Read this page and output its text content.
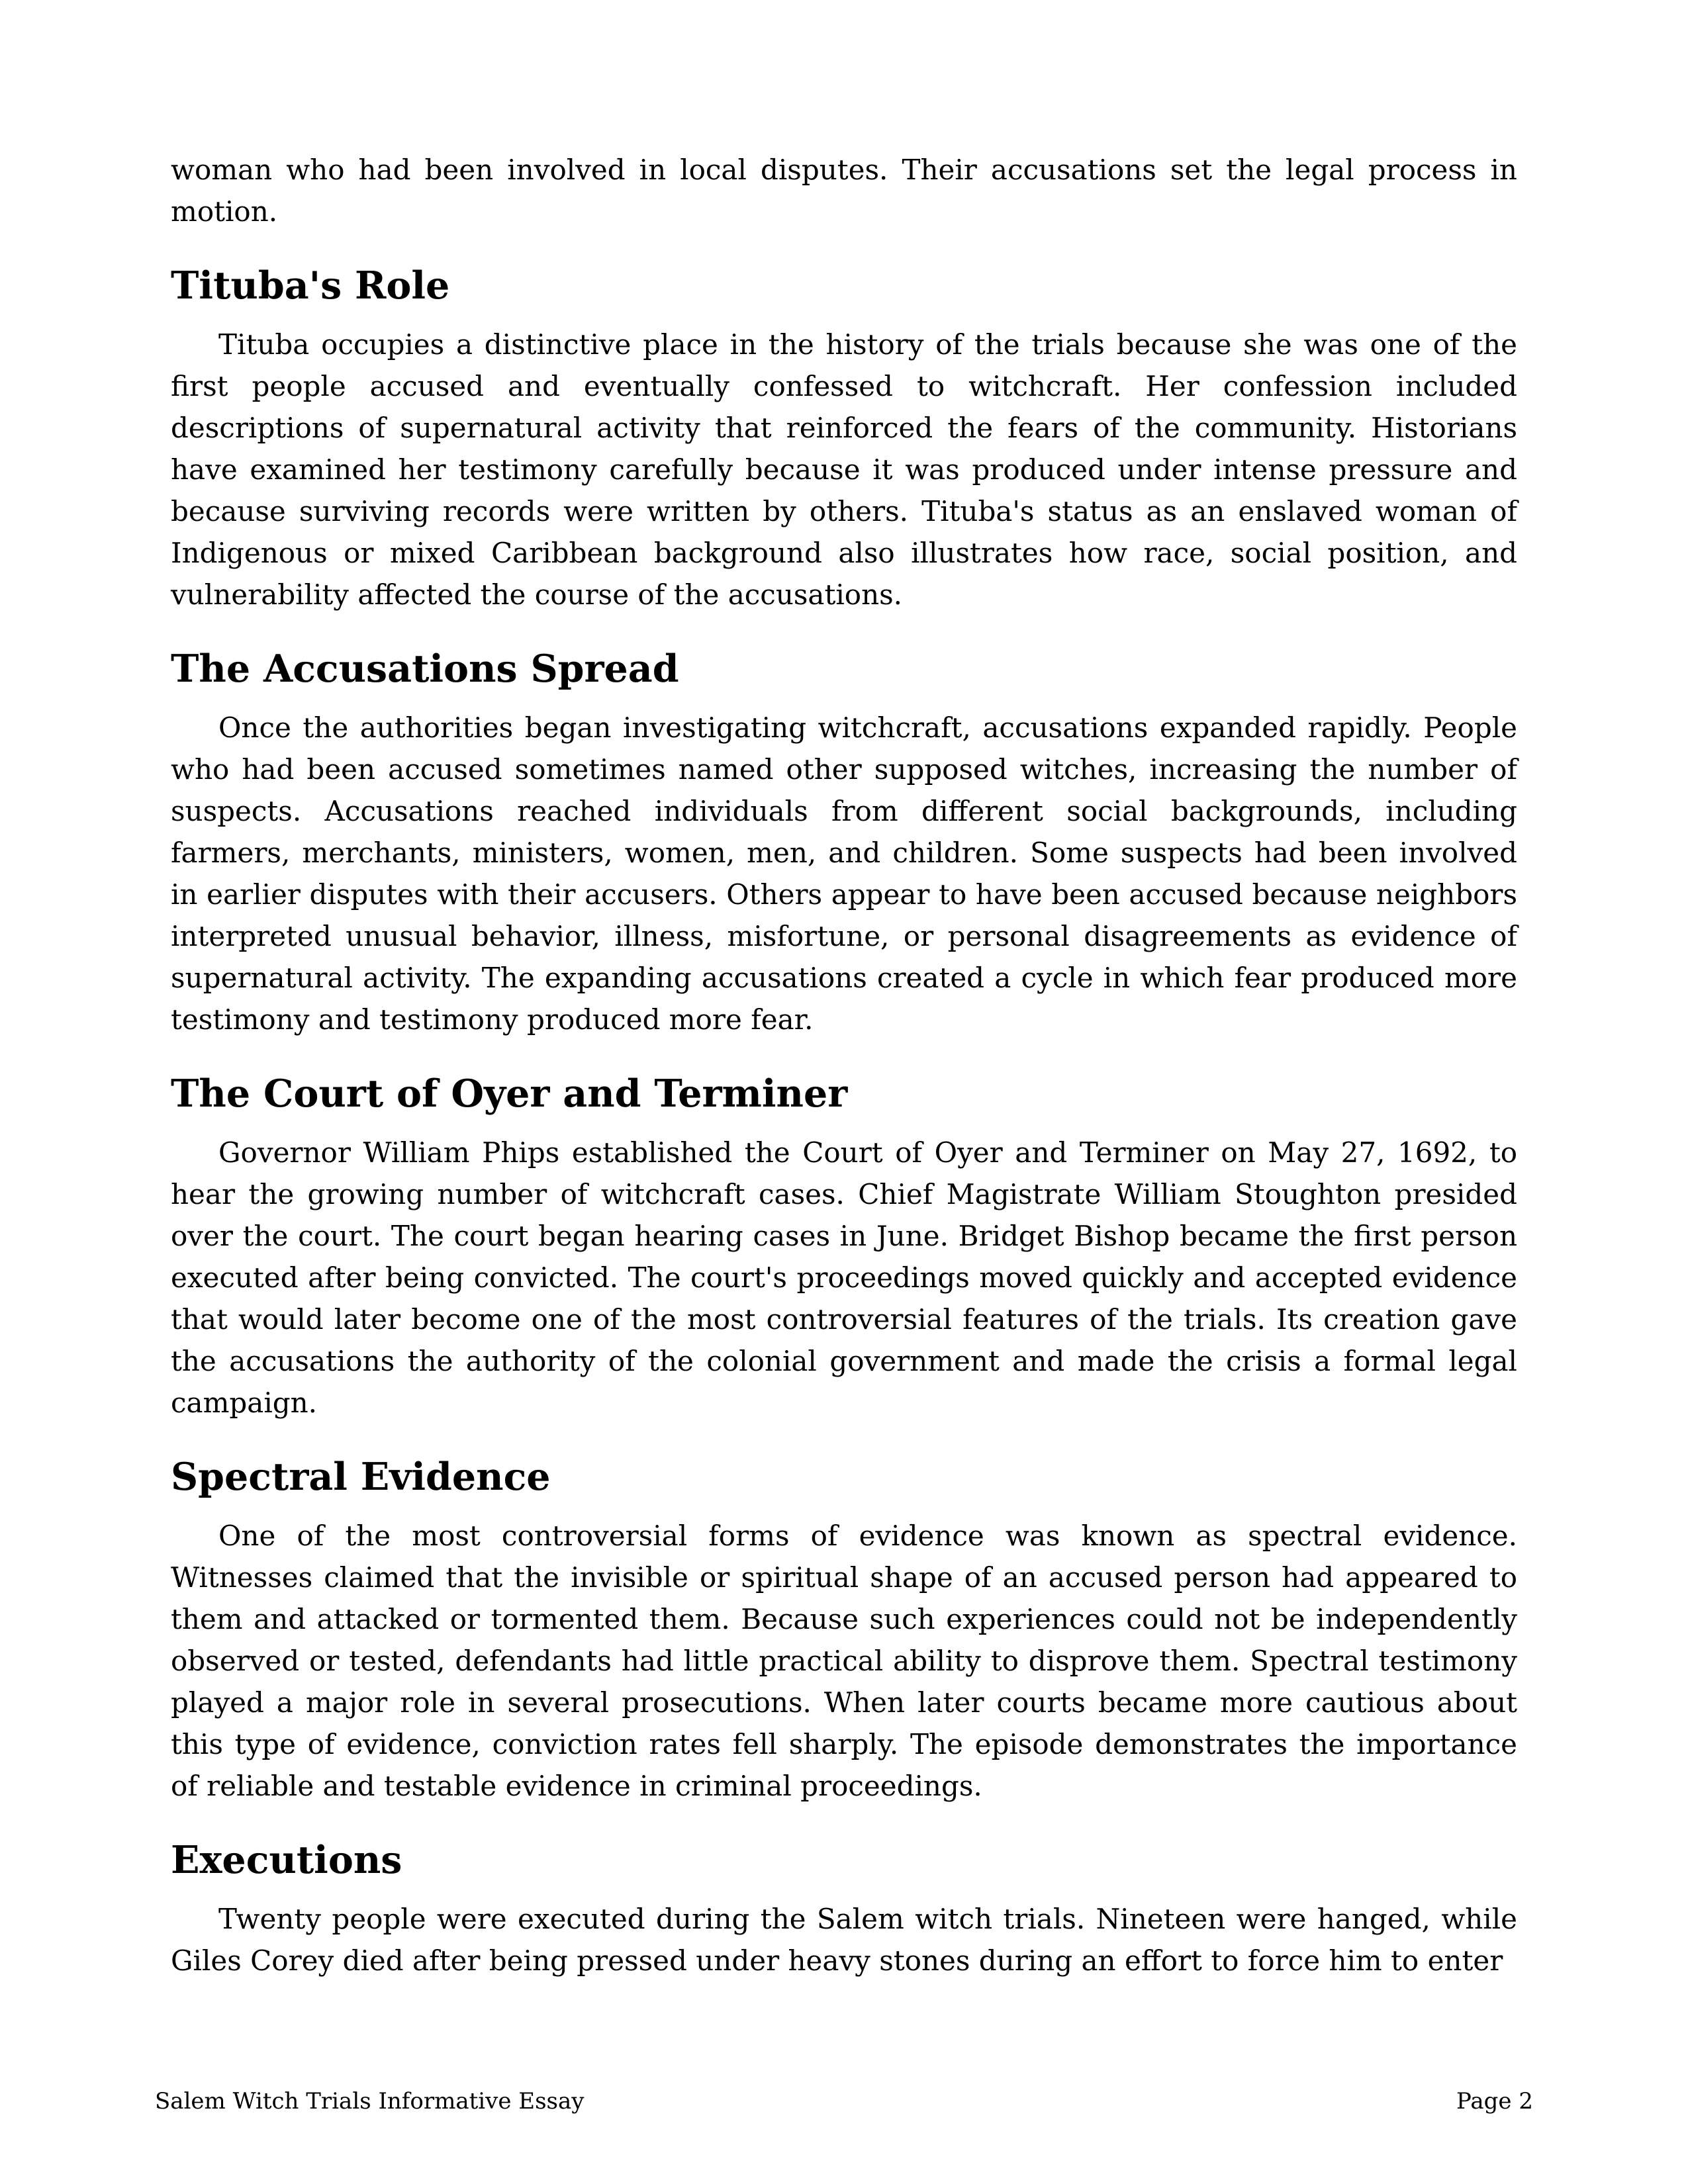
woman who had been involved in local disputes. Their accusations set the legal process in motion.

Tituba's Role

Tituba occupies a distinctive place in the history of the trials because she was one of the first people accused and eventually confessed to witchcraft. Her confession included descriptions of supernatural activity that reinforced the fears of the community. Historians have examined her testimony carefully because it was produced under intense pressure and because surviving records were written by others. Tituba's status as an enslaved woman of Indigenous or mixed Caribbean background also illustrates how race, social position, and vulnerability affected the course of the accusations.

The Accusations Spread

Once the authorities began investigating witchcraft, accusations expanded rapidly. People who had been accused sometimes named other supposed witches, increasing the number of suspects. Accusations reached individuals from different social backgrounds, including farmers, merchants, ministers, women, men, and children. Some suspects had been involved in earlier disputes with their accusers. Others appear to have been accused because neighbors interpreted unusual behavior, illness, misfortune, or personal disagreements as evidence of supernatural activity. The expanding accusations created a cycle in which fear produced more testimony and testimony produced more fear.

The Court of Oyer and Terminer

Governor William Phips established the Court of Oyer and Terminer on May 27, 1692, to hear the growing number of witchcraft cases. Chief Magistrate William Stoughton presided over the court. The court began hearing cases in June. Bridget Bishop became the first person executed after being convicted. The court's proceedings moved quickly and accepted evidence that would later become one of the most controversial features of the trials. Its creation gave the accusations the authority of the colonial government and made the crisis a formal legal campaign.

Spectral Evidence

One of the most controversial forms of evidence was known as spectral evidence. Witnesses claimed that the invisible or spiritual shape of an accused person had appeared to them and attacked or tormented them. Because such experiences could not be independently observed or tested, defendants had little practical ability to disprove them. Spectral testimony played a major role in several prosecutions. When later courts became more cautious about this type of evidence, conviction rates fell sharply. The episode demonstrates the importance of reliable and testable evidence in criminal proceedings.

Executions

Twenty people were executed during the Salem witch trials. Nineteen were hanged, while Giles Corey died after being pressed under heavy stones during an effort to force him to enter

Salem Witch Trials Informative Essay	Page 2
